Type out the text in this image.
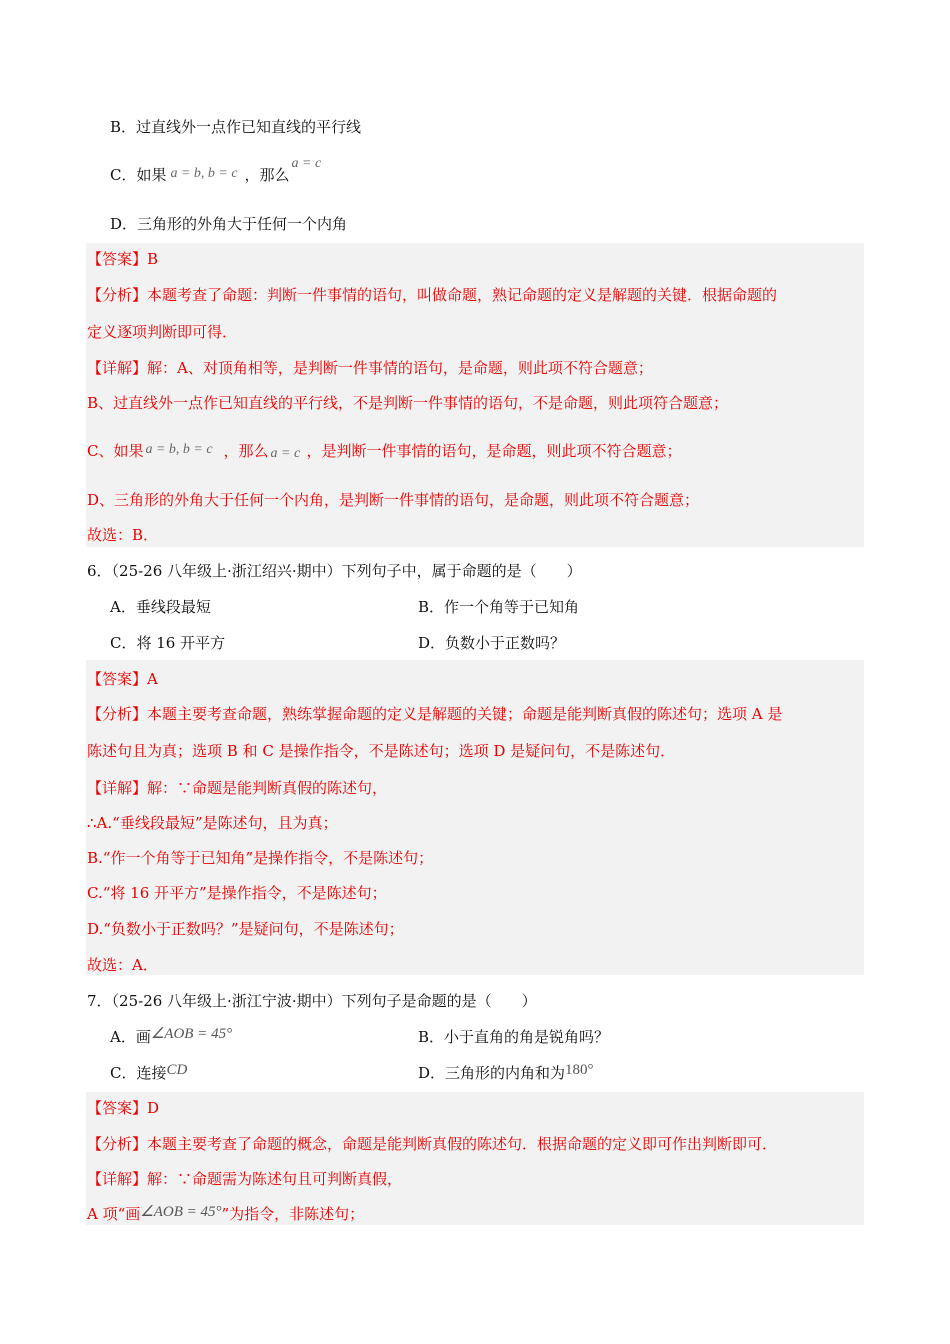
B．过直线外一点作已知直线的平行线
C．如果 a = b, b = c ，那么
a = c
D．三角形的外角大于任何一个内角
【答案】B
【分析】本题考查了命题：判断一件事情的语句，叫做命题，熟记命题的定义是解题的关键．根据命题的
定义逐项判断即可得．
【详解】解：A、对顶角相等，是判断一件事情的语句，是命题，则此项不符合题意；
B、过直线外一点作已知直线的平行线，不是判断一件事情的语句，不是命题，则此项符合题意；
C、如果 a = b, b = c ，那么 a = c ，是判断一件事情的语句，是命题，则此项不符合题意；
D、三角形的外角大于任何一个内角，是判断一件事情的语句，是命题，则此项不符合题意；
故选：B．
6．（25-26 八年级上·浙江绍兴·期中）下列句子中，属于命题的是（　　）
A．垂线段最短	B．作一个角等于已知角
C．将 16 开平方	D．负数小于正数吗？
【答案】A
【分析】本题主要考查命题，熟练掌握命题的定义是解题的关键；命题是能判断真假的陈述句；选项 A 是
陈述句且为真；选项 B 和 C 是操作指令，不是陈述句；选项 D 是疑问句，不是陈述句．
【详解】解：∵命题是能判断真假的陈述句，
∴A.“垂线段最短”是陈述句，且为真；
B.“作一个角等于已知角”是操作指令，不是陈述句；
C.“将 16 开平方”是操作指令，不是陈述句；
D.“负数小于正数吗？”是疑问句，不是陈述句；
故选：A．
7．（25-26 八年级上·浙江宁波·期中）下列句子是命题的是（　　）
A．画∠AOB = 45°	B．小于直角的角是锐角吗？
C．连接CD	D．三角形的内角和为180°
【答案】D
【分析】本题主要考查了命题的概念，命题是能判断真假的陈述句．根据命题的定义即可作出判断即可．
【详解】解：∵命题需为陈述句且可判断真假，
A 项“画∠AOB = 45°”为指令，非陈述句；
